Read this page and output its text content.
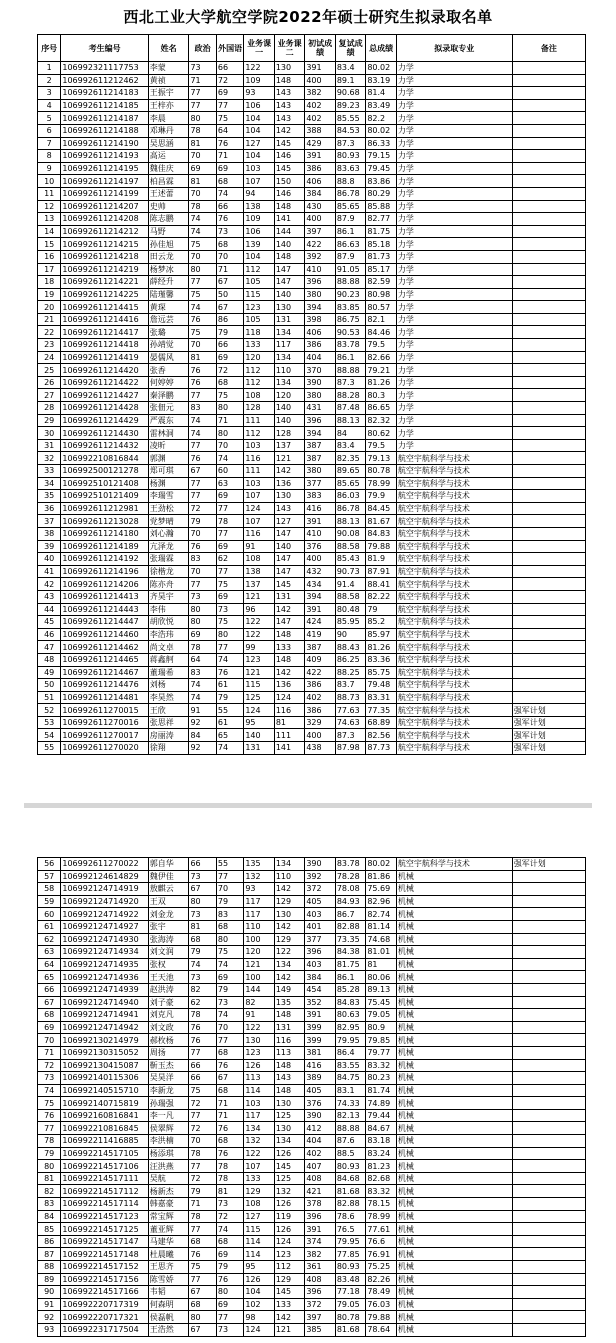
西北工业大学航空学院2022年硕士研究生拟录取名单
序号	考生编号	姓名	政治	外国语	业务课一	业务课二	初试成绩	复试成绩	总成绩	拟录取专业	备注
1	106992321117753	李蒙	73	66	122	130	391	83.4	80.02	力学	
2	106992611212462	黄祯	71	72	109	148	400	89.1	83.19	力学	
3	106992611214183	王振宇	77	69	93	143	382	90.68	81.4	力学	
4	106992611214185	王梓亦	77	77	106	143	402	89.23	83.49	力学	
5	106992611214187	李晨	80	75	104	143	402	85.55	82.2	力学	
6	106992611214188	邓琳丹	78	64	104	142	388	84.53	80.02	力学	
7	106992611214190	吴思涵	81	76	127	145	429	87.3	86.33	力学	
8	106992611214193	高运	70	71	104	146	391	80.93	79.15	力学	
9	106992611214195	魏佳庆	69	69	103	145	386	83.63	79.45	力学	
10	106992611214197	柏昌霖	81	68	107	150	406	88.8	83.86	力学	
11	106992611214199	王述蕾	70	74	94	146	384	86.78	80.29	力学	
12	106992611214207	史帅	78	66	138	148	430	85.65	85.88	力学	
13	106992611214208	陈志鹏	74	76	109	141	400	87.9	82.77	力学	
14	106992611214212	马野	74	73	106	144	397	86.1	81.75	力学	
15	106992611214215	孙佳旭	75	68	139	140	422	86.63	85.18	力学	
16	106992611214218	田云龙	70	70	104	148	392	87.9	81.73	力学	
17	106992611214219	杨梦冰	80	71	112	147	410	91.05	85.17	力学	
18	106992611214221	薛经升	77	67	105	147	396	88.88	82.59	力学	
19	106992611214225	陆瑾馨	75	50	115	140	380	90.23	80.98	力学	
20	106992611214415	黄琛	74	67	123	130	394	83.85	80.57	力学	
21	106992611214416	詹远芸	76	86	105	131	398	86.75	82.1	力学	
22	106992611214417	张璐	75	79	118	134	406	90.53	84.46	力学	
23	106992611214418	孙靖觉	70	66	133	117	386	83.78	79.5	力学	
24	106992611214419	晏儒风	81	69	120	134	404	86.1	82.66	力学	
25	106992611214420	张香	76	72	112	110	370	88.88	79.21	力学	
26	106992611214422	何婷婷	76	68	112	134	390	87.3	81.26	力学	
27	106992611214427	秦泽鹏	77	75	108	120	380	88.28	80.3	力学	
28	106992611214428	张佃元	83	80	128	140	431	87.48	86.65	力学	
29	106992611214429	严震东	74	71	111	140	396	88.13	82.32	力学	
30	106992611214430	雷林洞	74	80	112	128	394	84	80.62	力学	
31	106992611214432	凌昕	77	70	103	137	387	83.4	79.5	力学	
32	106992210816844	郭渊	76	74	116	121	387	82.35	79.13	航空宇航科学与技术	
33	106992500121278	郑可琪	67	60	111	142	380	89.65	80.78	航空宇航科学与技术	
34	106992510121408	杨渊	77	63	103	136	377	85.65	78.99	航空宇航科学与技术	
35	106992510121409	李瑞雪	77	69	107	130	383	86.03	79.9	航空宇航科学与技术	
36	106992611212981	王劲松	72	77	124	143	416	86.78	84.45	航空宇航科学与技术	
37	106992611213028	党梦晴	79	78	107	127	391	88.13	81.67	航空宇航科学与技术	
38	106992611214180	刘心瀚	70	77	116	147	410	90.08	84.83	航空宇航科学与技术	
39	106992611214189	亢泽龙	76	69	91	140	376	88.58	79.88	航空宇航科学与技术	
40	106992611214192	张瑞霖	83	62	108	147	400	85.43	81.9	航空宇航科学与技术	
41	106992611214196	徐楷龙	70	77	138	147	432	90.73	87.91	航空宇航科学与技术	
42	106992611214206	陈亦舟	77	75	137	145	434	91.4	88.41	航空宇航科学与技术	
43	106992611214413	齐昊宇	73	69	121	131	394	88.58	82.22	航空宇航科学与技术	
44	106992611214443	李伟	80	73	96	142	391	80.48	79	航空宇航科学与技术	
45	106992611214447	胡欣悦	80	75	122	147	424	85.95	85.2	航空宇航科学与技术	
46	106992611214460	李浩玮	69	80	122	148	419	90	85.97	航空宇航科学与技术	
47	106992611214462	尚文卓	78	77	99	133	387	88.43	81.26	航空宇航科学与技术	
48	106992611214465	蒋鑫舸	64	74	123	148	409	86.25	83.36	航空宇航科学与技术	
49	106992611214467	董瑞希	83	76	121	142	422	88.25	85.75	航空宇航科学与技术	
50	106992611214476	刘杨	74	61	115	136	386	83.7	79.48	航空宇航科学与技术	
51	106992611214481	李昊然	74	79	125	124	402	88.73	83.31	航空宇航科学与技术	
52	106992611270015	王欣	91	55	124	116	386	77.63	77.35	航空宇航科学与技术	强军计划
53	106992611270016	张思祥	92	61	95	81	329	74.63	68.89	航空宇航科学与技术	强军计划
54	106992611270017	房丽涛	84	65	140	111	400	87.3	82.56	航空宇航科学与技术	强军计划
55	106992611270020	徐翔	92	74	131	141	438	87.98	87.73	航空宇航科学与技术	强军计划
56	106992611270022	郭自华	66	55	135	134	390	83.78	80.02	航空宇航科学与技术	强军计划
57	106992124614829	魏伊佳	73	77	132	110	392	78.28	81.86	机械	
58	106992124714919	敖麒云	67	70	93	142	372	78.08	75.69	机械	
59	106992124714920	王双	80	79	117	129	405	84.93	82.96	机械	
60	106992124714922	刘金龙	73	83	117	130	403	86.7	82.74	机械	
61	106992124714927	张宇	81	68	110	142	401	82.88	81.14	机械	
62	106992124714930	张海涛	68	80	100	129	377	73.35	74.68	机械	
63	106992124714934	刘文润	79	75	120	122	396	84.38	81.01	机械	
64	106992124714935	张权	74	74	121	134	403	81.75	81	机械	
65	106992124714936	王天池	73	69	100	142	384	86.1	80.06	机械	
66	106992124714939	赵洪涛	82	79	144	149	454	85.28	89.13	机械	
67	106992124714940	刘子豪	62	73	82	135	352	84.83	75.45	机械	
68	106992124714941	刘克凡	78	74	91	148	391	80.63	79.05	机械	
69	106992124714942	刘文政	76	70	122	131	399	82.95	80.9	机械	
70	106992130214979	郝枚杨	76	77	130	116	399	79.95	79.85	机械	
71	106992130315052	周扬	77	68	123	113	381	86.4	79.77	机械	
72	106992130415087	靳玉杰	66	76	126	148	416	83.55	83.32	机械	
73	106992140115306	吴昊洋	66	67	113	143	389	84.75	80.23	机械	
74	106992140515710	李新龙	75	68	114	148	405	83.1	81.74	机械	
75	106992140715819	孙瑞强	72	71	103	130	376	74.33	74.89	机械	
76	106992160816841	李一凡	77	71	117	125	390	82.13	79.44	机械	
77	106992210816845	侯翠辉	72	76	134	130	412	88.88	84.67	机械	
78	106992211416885	李洪楠	70	68	132	134	404	87.6	83.18	机械	
79	106992214517105	杨添琪	78	76	122	126	402	88.5	83.24	机械	
80	106992214517106	汪洪燕	77	78	107	145	407	80.93	81.23	机械	
81	106992214517111	吴航	72	78	133	125	408	84.68	82.68	机械	
82	106992214517112	杨新杰	79	81	129	132	421	81.68	83.32	机械	
83	106992214517114	韩嘉豪	71	73	108	126	378	82.88	78.15	机械	
84	106992214517123	常宝辉	78	72	127	119	396	78.6	78.99	机械	
85	106992214517125	董亚辉	77	74	115	126	391	76.5	77.61	机械	
86	106992214517147	马建华	68	68	114	124	374	79.95	76.6	机械	
87	106992214517148	杜晨曦	76	69	114	123	382	77.85	76.91	机械	
88	106992214517152	王思齐	75	79	95	112	361	80.93	75.25	机械	
89	106992214517156	陈雪娇	77	76	126	129	408	83.48	82.26	机械	
90	106992214517166	韦韬	67	80	104	145	396	77.18	78.49	机械	
91	106992220717319	何森明	68	69	102	133	372	79.05	76.03	机械	
92	106992220717321	侯磊帆	80	77	98	142	397	80.78	79.88	机械	
93	106992231717504	王浩然	67	73	124	121	385	81.68	78.64	机械	
